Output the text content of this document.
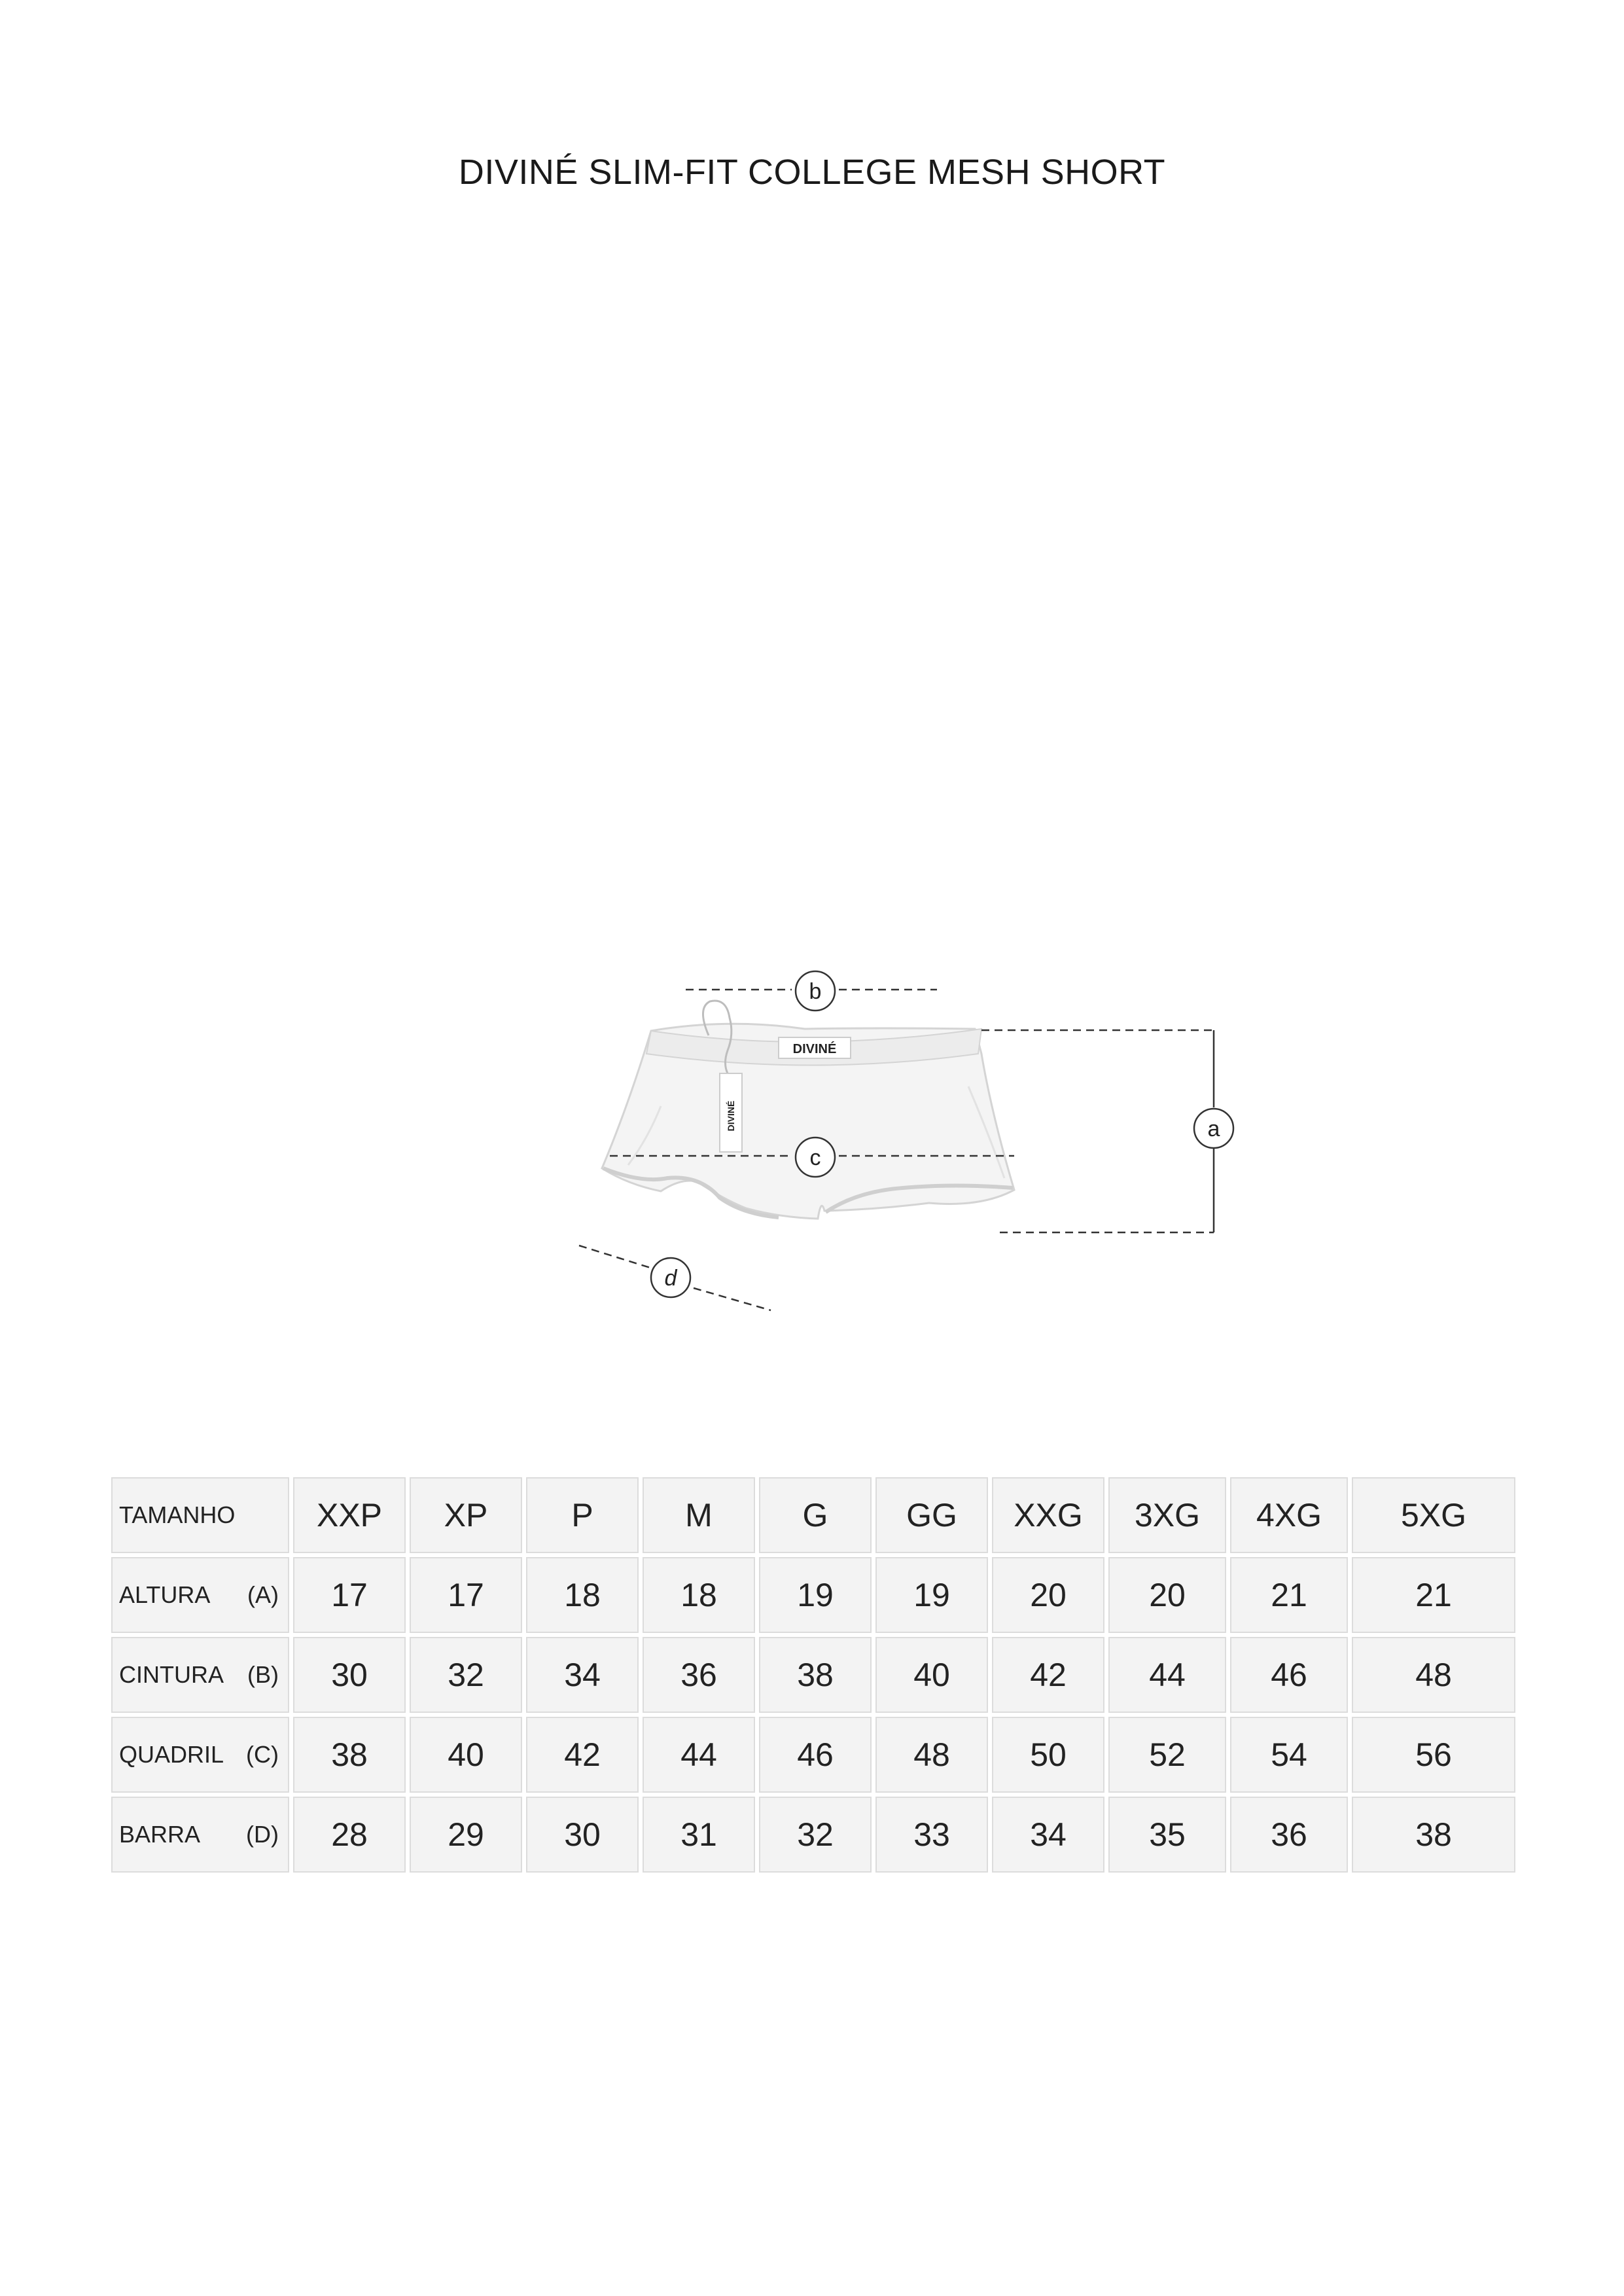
DIVINÉ SLIM-FIT COLLEGE MESH SHORT
DIVINÉ
DIVINÉ
b
c
a
d
TAMANHO	XXP	XP	P	M	G	GG	XXG	3XG	4XG	5XG

ALTURA (A)	17	17	18	18	19	19	20	20	21	21

CINTURA (B)	30	32	34	36	38	40	42	44	46	48

QUADRIL (C)	38	40	42	44	46	48	50	52	54	56

BARRA (D)	28	29	30	31	32	33	34	35	36	38
